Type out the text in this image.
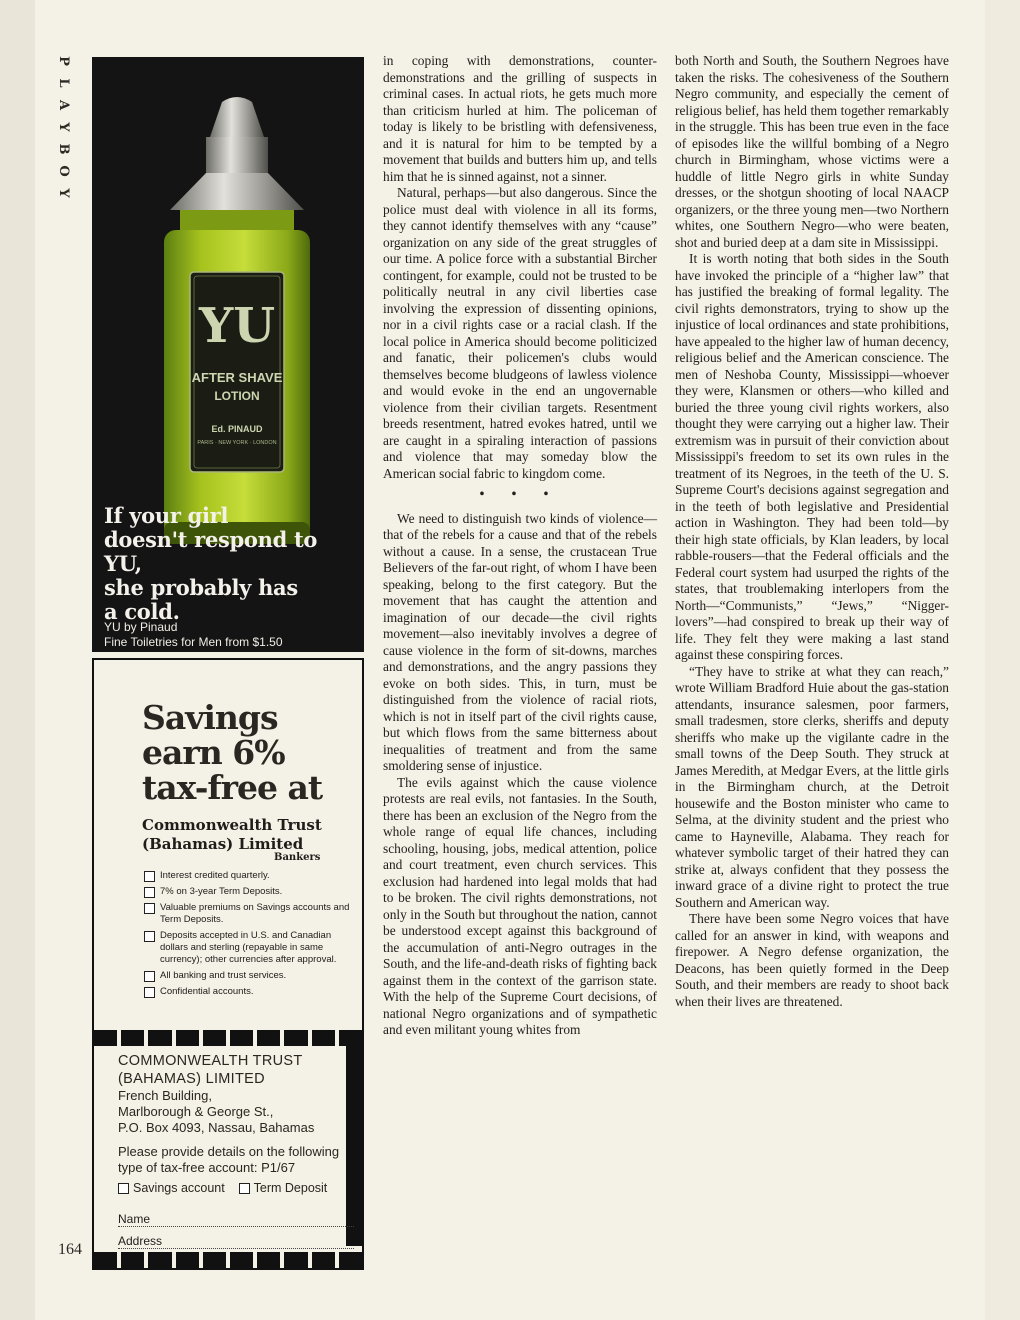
P
L
A
Y
B
O
Y
YU
AFTER SHAVE
LOTION
Ed. PINAUD
PARIS · NEW YORK · LONDON
If your girl
doesn't respond to YU,
she probably has
a cold.
YU by Pinaud
Fine Toiletries for Men from $1.50
Savings
earn 6%
tax-free at
Commonwealth Trust
(Bahamas) Limited
Bankers
Interest credited quarterly.
7% on 3-year Term Deposits.
Valuable premiums on Savings accounts and Term Deposits.
Deposits accepted in U.S. and Canadian dollars and sterling (repayable in same currency); other currencies after approval.
All banking and trust services.
Confidential accounts.
COMMONWEALTH TRUST
(BAHAMAS) LIMITED
French Building,
Marlborough & George St.,
P.O. Box 4093, Nassau, Bahamas
Please provide details on the following type of tax-free account: P1/67
Savings account Term Deposit
Name
Address
164

in coping with demonstrations, counter-demonstrations and the grilling of suspects in criminal cases. In actual riots, he gets much more than criticism hurled at him. The policeman of today is likely to be bristling with defensiveness, and it is natural for him to be tempted by a movement that builds and butters him up, and tells him that he is sinned against, not a sinner.

Natural, perhaps—but also dangerous. Since the police must deal with violence in all its forms, they cannot identify themselves with any “cause” organization on any side of the great struggles of our time. A police force with a substantial Bircher contingent, for example, could not be trusted to be politically neutral in any civil liberties case involving the expression of dissenting opinions, nor in a civil rights case or a racial clash. If the local police in America should become politicized and fanatic, their policemen's clubs would themselves become bludgeons of lawless violence and would evoke in the end an ungovernable violence from their civilian targets. Resentment breeds resentment, hatred evokes hatred, until we are caught in a spiraling interaction of passions and violence that may someday blow the American social fabric to kingdom come.

• • •

We need to distinguish two kinds of violence—that of the rebels for a cause and that of the rebels without a cause. In a sense, the crustacean True Believers of the far-out right, of whom I have been speaking, belong to the first category. But the movement that has caught the attention and imagination of our decade—the civil rights movement—also inevitably involves a degree of cause violence in the form of sit-downs, marches and demonstrations, and the angry passions they evoke on both sides. This, in turn, must be distinguished from the violence of racial riots, which is not in itself part of the civil rights cause, but which flows from the same bitterness about inequalities of treatment and from the same smoldering sense of injustice.

The evils against which the cause violence protests are real evils, not fantasies. In the South, there has been an exclusion of the Negro from the whole range of equal life chances, including schooling, housing, jobs, medical attention, police and court treatment, even church services. This exclusion had hardened into legal molds that had to be broken. The civil rights demonstrations, not only in the South but throughout the nation, cannot be understood except against this background of the accumulation of anti-Negro outrages in the South, and the life-and-death risks of fighting back against them in the context of the garrison state. With the help of the Supreme Court decisions, of national Negro organizations and of sympathetic and even militant young whites from

both North and South, the Southern Negroes have taken the risks. The cohesiveness of the Southern Negro community, and especially the cement of religious belief, has held them together remarkably in the struggle. This has been true even in the face of episodes like the willful bombing of a Negro church in Birmingham, whose victims were a huddle of little Negro girls in white Sunday dresses, or the shotgun shooting of local NAACP organizers, or the three young men—two Northern whites, one Southern Negro—who were beaten, shot and buried deep at a dam site in Mississippi.

It is worth noting that both sides in the South have invoked the principle of a “higher law” that has justified the breaking of formal legality. The civil rights demonstrators, trying to show up the injustice of local ordinances and state prohibitions, have appealed to the higher law of human decency, religious belief and the American conscience. The men of Neshoba County, Mississippi—whoever they were, Klansmen or others—who killed and buried the three young civil rights workers, also thought they were carrying out a higher law. Their extremism was in pursuit of their conviction about Mississippi's freedom to set its own rules in the treatment of its Negroes, in the teeth of the U. S. Supreme Court's decisions against segregation and in the teeth of both legislative and Presidential action in Washington. They had been told—by their high state officials, by Klan leaders, by local rabble-rousers—that the Federal officials and the Federal court system had usurped the rights of the states, that troublemaking interlopers from the North—“Communists,” “Jews,” “Nigger-lovers”—had conspired to break up their way of life. They felt they were making a last stand against these conspiring forces.

“They have to strike at what they can reach,” wrote William Bradford Huie about the gas-station attendants, insurance salesmen, poor farmers, small tradesmen, store clerks, sheriffs and deputy sheriffs who make up the vigilante cadre in the small towns of the Deep South. They struck at James Meredith, at Medgar Evers, at the little girls in the Birmingham church, at the Detroit housewife and the Boston minister who came to Selma, at the divinity student and the priest who came to Hayneville, Alabama. They reach for whatever symbolic target of their hatred they can strike at, always confident that they possess the inward grace of a divine right to protect the true Southern and American way.

There have been some Negro voices that have called for an answer in kind, with weapons and firepower. A Negro defense organization, the Deacons, has been quietly formed in the Deep South, and their members are ready to shoot back when their lives are threatened.
